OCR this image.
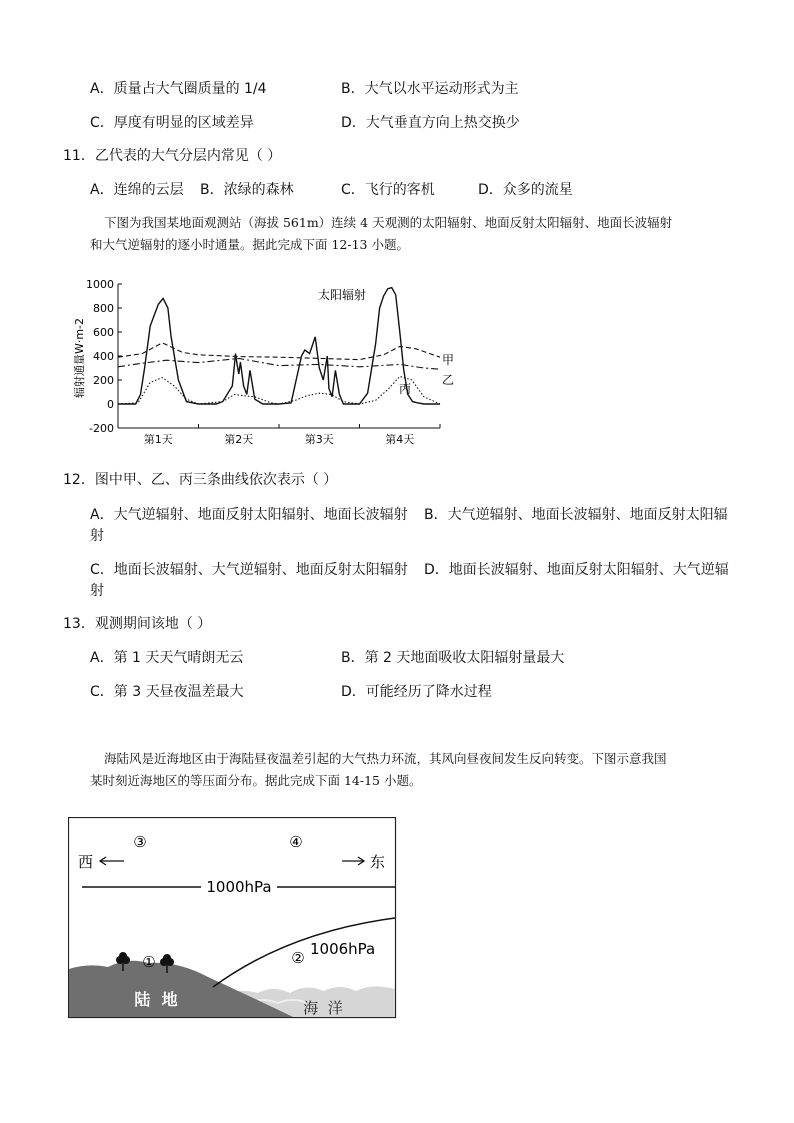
A．质量占大气圈质量的 1/4	B．大气以水平运动形式为主
C．厚度有明显的区域差异	D．大气垂直方向上热交换少
11．乙代表的大气分层内常见（ ）
A．连绵的云层 B．浓绿的森林	C．飞行的客机	D．众多的流星
下图为我国某地面观测站（海拔 561m）连续 4 天观测的太阳辐射、地面反射太阳辐射、地面长波辐射
和大气逆辐射的逐小时通量。据此完成下面 12-13 小题。
辐射通量W·m-2
1000
800
600
400
200
0
-200
第1天	第2天	第3天	第4天
太阳辐射
甲
乙
丙
12．图中甲、乙、丙三条曲线依次表示（ ）
A．大气逆辐射、地面反射太阳辐射、地面长波辐射
射
B．大气逆辐射、地面长波辐射、地面反射太阳辐
C．地面长波辐射、大气逆辐射、地面反射太阳辐射
射
D．地面长波辐射、地面反射太阳辐射、大气逆辐
13．观测期间该地（ ）
A．第 1 天天气晴朗无云	B．第 2 天地面吸收太阳辐射量最大
C．第 3 天昼夜温差最大	D．可能经历了降水过程
海陆风是近海地区由于海陆昼夜温差引起的大气热力环流，其风向昼夜间发生反向转变。下图示意我国
某时刻近海地区的等压面分布。据此完成下面 14-15 小题。
③	④
西	东
1000hPa
1006hPa
①	②
陆  地	海  洋
